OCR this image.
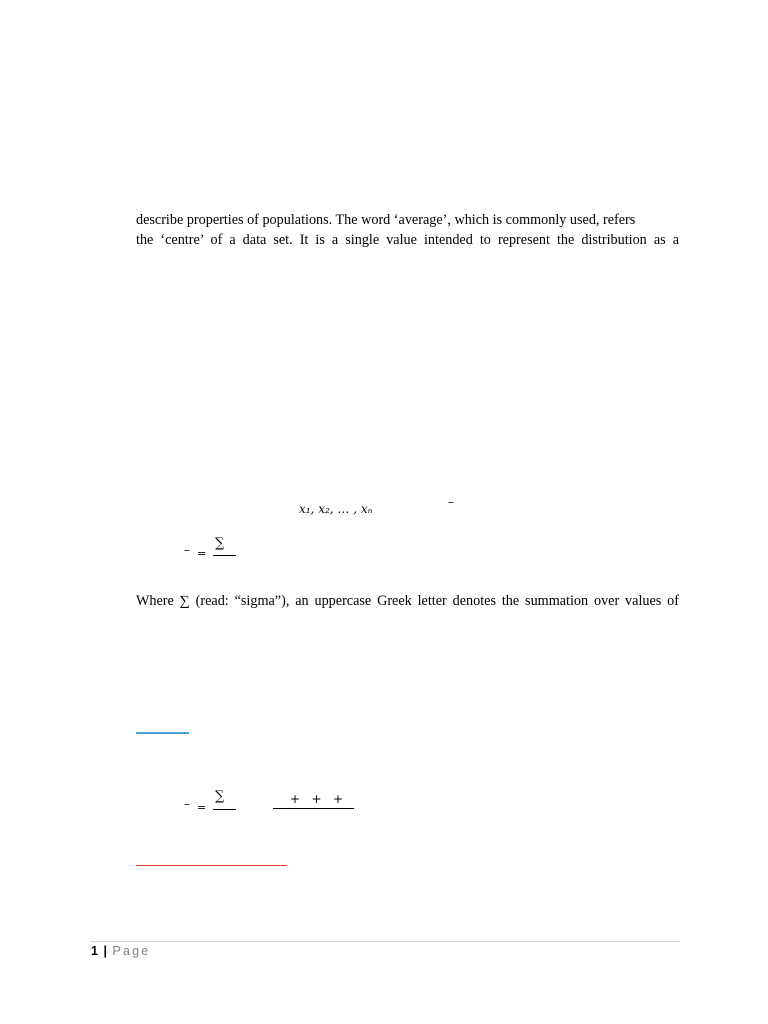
describe properties of populations. The word ‘average’, which is commonly used, refers
the ‘centre’ of a data set. It is a single value intended to represent the distribution as a
x₁, x₂, … , xₙ	–
– =
∑
Where ∑ (read: “sigma”), an uppercase Greek letter denotes the summation over values of
– =
∑	+   +   +
1 | Page
